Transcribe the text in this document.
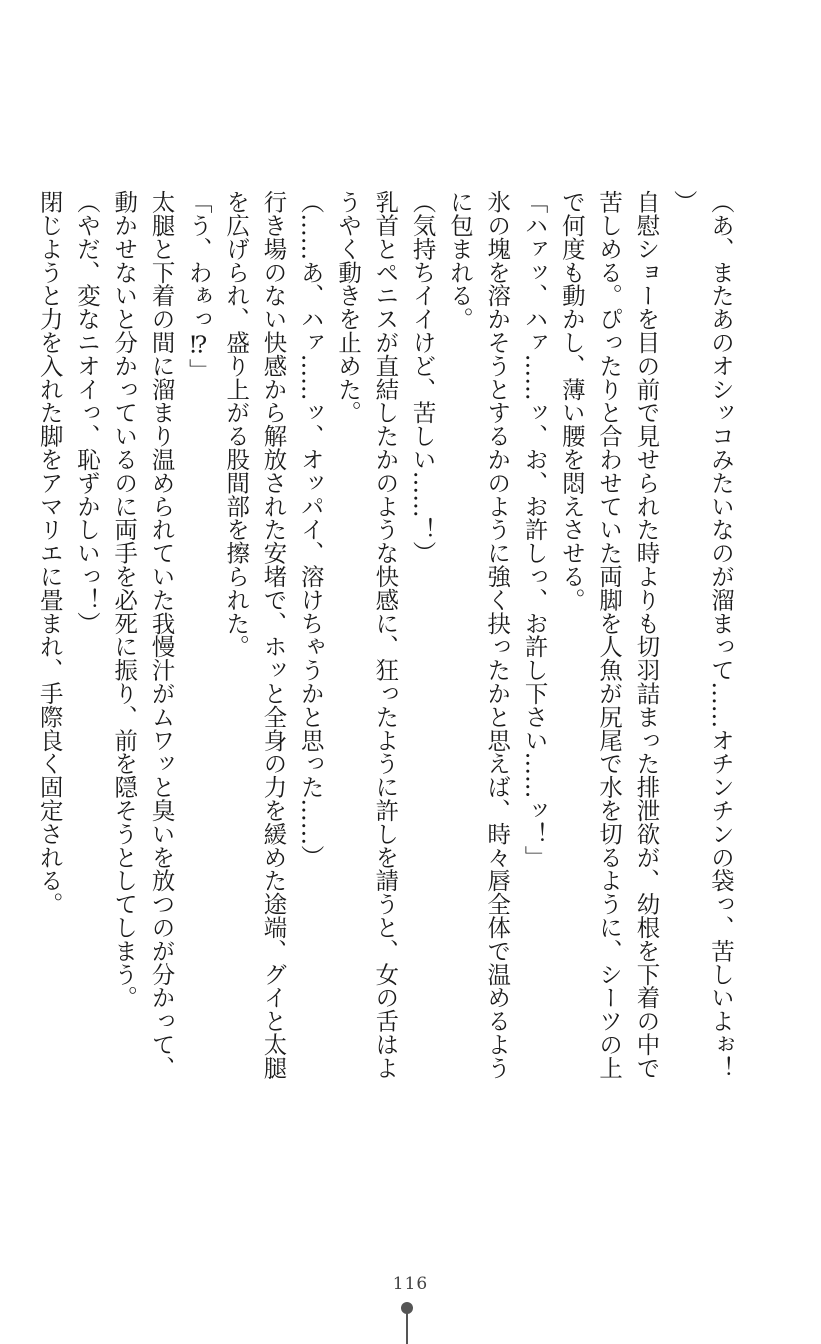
（あ、またあのオシッコみたいなのが溜まって……オチンチンの袋っ、苦しいよぉ！）

自慰ショーを目の前で見せられた時よりも切羽詰まった排泄欲が、幼根を下着の中で苦しめる。ぴったりと合わせていた両脚を人魚が尻尾で水を切るように、シーツの上で何度も動かし、薄い腰を悶えさせる。

「ハァッ、ハァ……ッ、お、お許しっ、お許し下さい……ッ！」

氷の塊を溶かそうとするかのように強く抉ったかと思えば、時々唇全体で温めるように包まれる。

（気持ちイイけど、苦しい……！）

乳首とペニスが直結したかのような快感に、狂ったように許しを請うと、女の舌はようやく動きを止めた。

（……あ、ハァ……ッ、オッパイ、溶けちゃうかと思った……）

行き場のない快感から解放された安堵で、ホッと全身の力を緩めた途端、グイと太腿を広げられ、盛り上がる股間部を擦られた。

「う、わぁっ⁉」

太腿と下着の間に溜まり温められていた我慢汁がムワッと臭いを放つのが分かって、動かせないと分かっているのに両手を必死に振り、前を隠そうとしてしまう。

（やだ、変なニオイっ、恥ずかしいっ！）

閉じようと力を入れた脚をアマリエに畳まれ、手際良く固定される。

116
